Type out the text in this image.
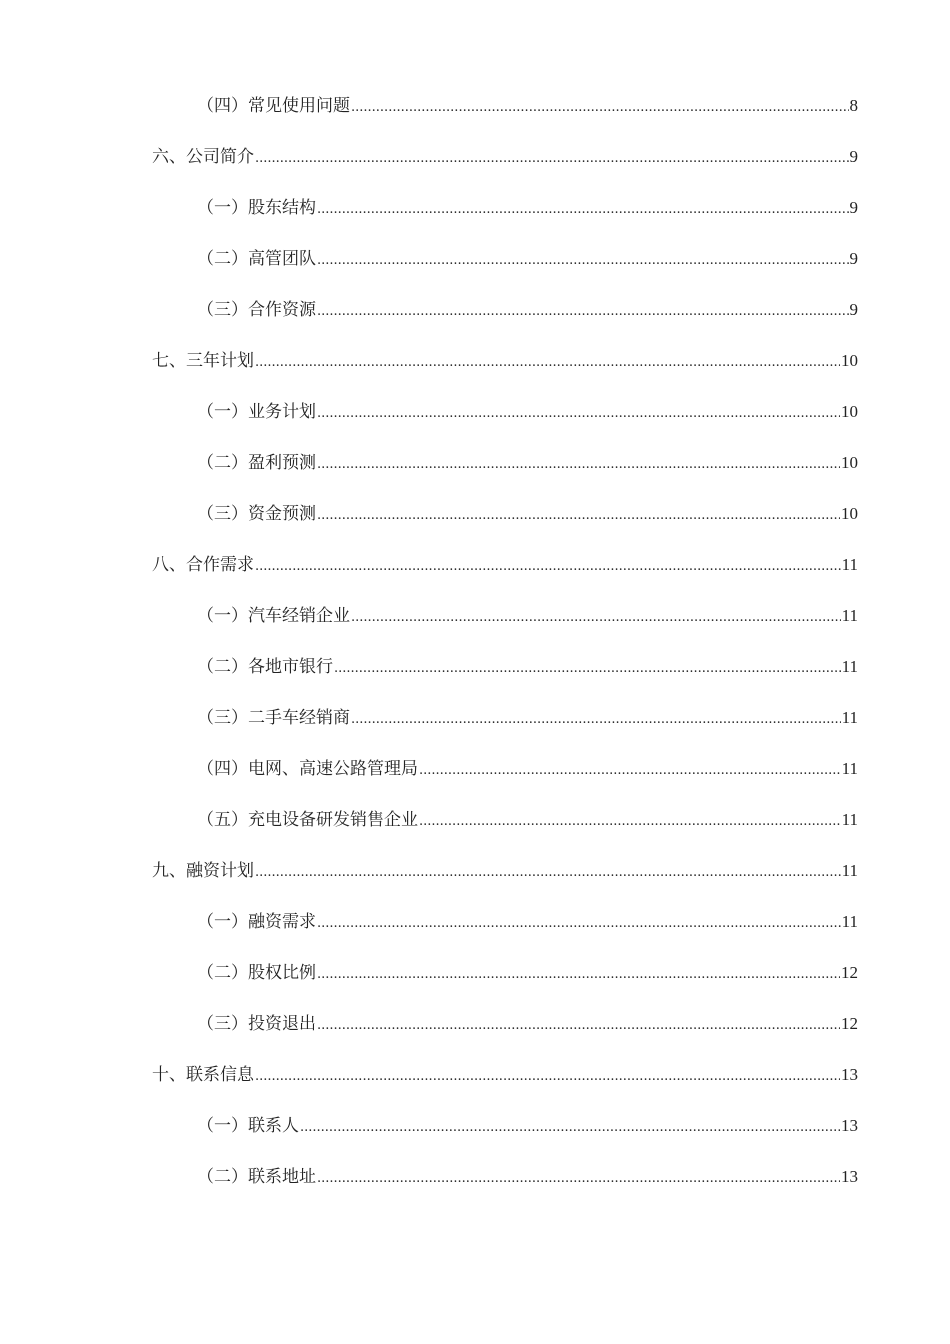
（四）常见使用问题 .....	8
六、公司简介 .....	9
（一）股东结构 .....	9
（二）高管团队 .....	9
（三）合作资源 .....	9
七、三年计划 .....	10
（一）业务计划 .....	10
（二）盈利预测 .....	10
（三）资金预测 .....	10
八、合作需求 .....	11
（一）汽车经销企业 .....	11
（二）各地市银行 .....	11
（三）二手车经销商 .....	11
（四）电网、高速公路管理局 .....	11
（五）充电设备研发销售企业 .....	11
九、融资计划 .....	11
（一）融资需求 .....	11
（二）股权比例 .....	12
（三）投资退出 .....	12
十、联系信息 .....	13
（一）联系人 .....	13
（二）联系地址 .....	13
